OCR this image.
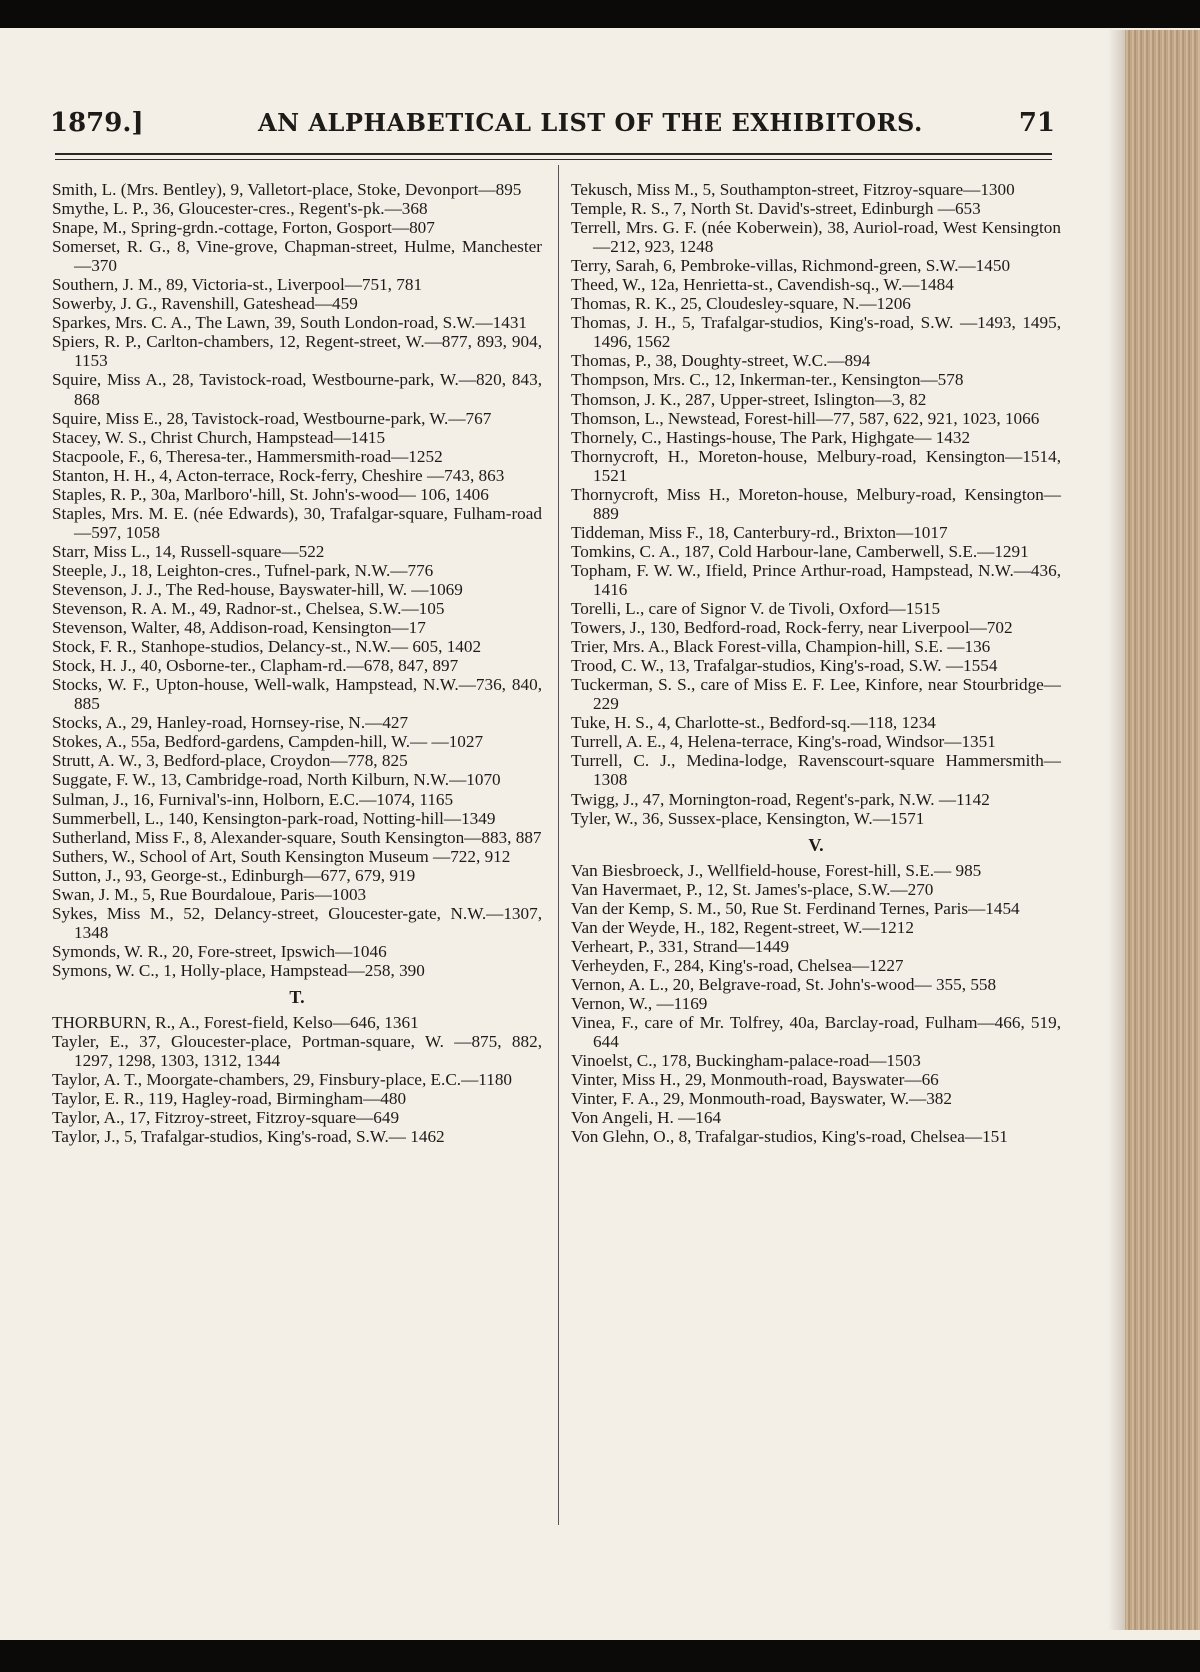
1879.]	AN ALPHABETICAL LIST OF THE EXHIBITORS.	71

Smith, L. (Mrs. Bentley), 9, Valletort-place, Stoke, Devonport—895

Smythe, L. P., 36, Gloucester-cres., Regent's-pk.—368

Snape, M., Spring-grdn.-cottage, Forton, Gosport—807

Somerset, R. G., 8, Vine-grove, Chapman-street, Hulme, Manchester—370

Southern, J. M., 89, Victoria-st., Liverpool—751, 781

Sowerby, J. G., Ravenshill, Gateshead—459

Sparkes, Mrs. C. A., The Lawn, 39, South London-road, S.W.—1431

Spiers, R. P., Carlton-chambers, 12, Regent-street, W.—877, 893, 904, 1153

Squire, Miss A., 28, Tavistock-road, Westbourne-park, W.—820, 843, 868

Squire, Miss E., 28, Tavistock-road, Westbourne-park, W.—767

Stacey, W. S., Christ Church, Hampstead—1415

Stacpoole, F., 6, Theresa-ter., Hammersmith-road—1252

Stanton, H. H., 4, Acton-terrace, Rock-ferry, Cheshire —743, 863

Staples, R. P., 30a, Marlboro'-hill, St. John's-wood— 106, 1406

Staples, Mrs. M. E. (née Edwards), 30, Trafalgar-square, Fulham-road—597, 1058

Starr, Miss L., 14, Russell-square—522

Steeple, J., 18, Leighton-cres., Tufnel-park, N.W.—776

Stevenson, J. J., The Red-house, Bayswater-hill, W. —1069

Stevenson, R. A. M., 49, Radnor-st., Chelsea, S.W.—105

Stevenson, Walter, 48, Addison-road, Kensington—17

Stock, F. R., Stanhope-studios, Delancy-st., N.W.— 605, 1402

Stock, H. J., 40, Osborne-ter., Clapham-rd.—678, 847, 897

Stocks, W. F., Upton-house, Well-walk, Hampstead, N.W.—736, 840, 885

Stocks, A., 29, Hanley-road, Hornsey-rise, N.—427

Stokes, A., 55a, Bedford-gardens, Campden-hill, W.— —1027

Strutt, A. W., 3, Bedford-place, Croydon—778, 825

Suggate, F. W., 13, Cambridge-road, North Kilburn, N.W.—1070

Sulman, J., 16, Furnival's-inn, Holborn, E.C.—1074, 1165

Summerbell, L., 140, Kensington-park-road, Notting-hill—1349

Sutherland, Miss F., 8, Alexander-square, South Kensington—883, 887

Suthers, W., School of Art, South Kensington Museum —722, 912

Sutton, J., 93, George-st., Edinburgh—677, 679, 919

Swan, J. M., 5, Rue Bourdaloue, Paris—1003

Sykes, Miss M., 52, Delancy-street, Gloucester-gate, N.W.—1307, 1348

Symonds, W. R., 20, Fore-street, Ipswich—1046

Symons, W. C., 1, Holly-place, Hampstead—258, 390

T.

THORBURN, R., A., Forest-field, Kelso—646, 1361

Tayler, E., 37, Gloucester-place, Portman-square, W. —875, 882, 1297, 1298, 1303, 1312, 1344

Taylor, A. T., Moorgate-chambers, 29, Finsbury-place, E.C.—1180

Taylor, E. R., 119, Hagley-road, Birmingham—480

Taylor, A., 17, Fitzroy-street, Fitzroy-square—649

Taylor, J., 5, Trafalgar-studios, King's-road, S.W.— 1462

Tekusch, Miss M., 5, Southampton-street, Fitzroy-square—1300

Temple, R. S., 7, North St. David's-street, Edinburgh —653

Terrell, Mrs. G. F. (née Koberwein), 38, Auriol-road, West Kensington—212, 923, 1248

Terry, Sarah, 6, Pembroke-villas, Richmond-green, S.W.—1450

Theed, W., 12a, Henrietta-st., Cavendish-sq., W.—1484

Thomas, R. K., 25, Cloudesley-square, N.—1206

Thomas, J. H., 5, Trafalgar-studios, King's-road, S.W. —1493, 1495, 1496, 1562

Thomas, P., 38, Doughty-street, W.C.—894

Thompson, Mrs. C., 12, Inkerman-ter., Kensington—578

Thomson, J. K., 287, Upper-street, Islington—3, 82

Thomson, L., Newstead, Forest-hill—77, 587, 622, 921, 1023, 1066

Thornely, C., Hastings-house, The Park, Highgate— 1432

Thornycroft, H., Moreton-house, Melbury-road, Kensington—1514, 1521

Thornycroft, Miss H., Moreton-house, Melbury-road, Kensington—889

Tiddeman, Miss F., 18, Canterbury-rd., Brixton—1017

Tomkins, C. A., 187, Cold Harbour-lane, Camberwell, S.E.—1291

Topham, F. W. W., Ifield, Prince Arthur-road, Hampstead, N.W.—436, 1416

Torelli, L., care of Signor V. de Tivoli, Oxford—1515

Towers, J., 130, Bedford-road, Rock-ferry, near Liverpool—702

Trier, Mrs. A., Black Forest-villa, Champion-hill, S.E. —136

Trood, C. W., 13, Trafalgar-studios, King's-road, S.W. —1554

Tuckerman, S. S., care of Miss E. F. Lee, Kinfore, near Stourbridge—229

Tuke, H. S., 4, Charlotte-st., Bedford-sq.—118, 1234

Turrell, A. E., 4, Helena-terrace, King's-road, Windsor—1351

Turrell, C. J., Medina-lodge, Ravenscourt-square Hammersmith—1308

Twigg, J., 47, Mornington-road, Regent's-park, N.W. —1142

Tyler, W., 36, Sussex-place, Kensington, W.—1571

V.

Van Biesbroeck, J., Wellfield-house, Forest-hill, S.E.— 985

Van Havermaet, P., 12, St. James's-place, S.W.—270

Van der Kemp, S. M., 50, Rue St. Ferdinand Ternes, Paris—1454

Van der Weyde, H., 182, Regent-street, W.—1212

Verheart, P., 331, Strand—1449

Verheyden, F., 284, King's-road, Chelsea—1227

Vernon, A. L., 20, Belgrave-road, St. John's-wood— 355, 558

Vernon, W., —1169

Vinea, F., care of Mr. Tolfrey, 40a, Barclay-road, Fulham—466, 519, 644

Vinoelst, C., 178, Buckingham-palace-road—1503

Vinter, Miss H., 29, Monmouth-road, Bayswater—66

Vinter, F. A., 29, Monmouth-road, Bayswater, W.—382

Von Angeli, H. —164

Von Glehn, O., 8, Trafalgar-studios, King's-road, Chelsea—151
